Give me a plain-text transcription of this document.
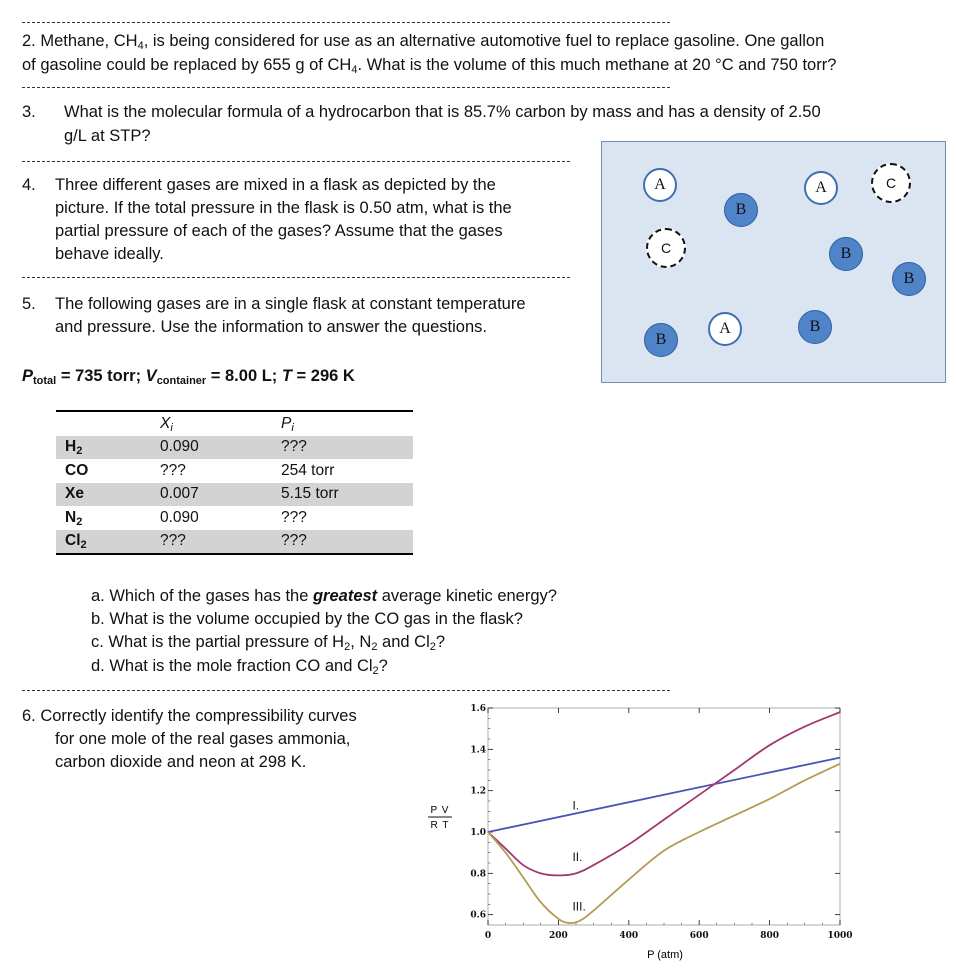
2. Methane, $CH_4$, is being considered for use as an alternative automotive fuel to replace gasoline. One gallon
of gasoline could be replaced by 655 g of $CH_4$. What is the volume of this much methane at 20 °C and 750 torr?
3. What is the molecular formula of a hydrocarbon that is 85.7% carbon by mass and has a density of 2.50
g/L at STP?
4. Three different gases are mixed in a flask as depicted by the
picture. If the total pressure in the flask is 0.50 atm, what is the
partial pressure of each of the gases? Assume that the gases
behave ideally.
A	A
A
B
B
B
B
B
C
C
5. The following gases are in a single flask at constant temperature
and pressure. Use the information to answer the questions.
$P_{total} = 735$ torr; $V_{container} = 8.00$ L; T = 296 K
	$X_i$	$P_i$
$H_2$	0.090	???
CO	???	254 torr
Xe	0.007	5.15 torr
$N_2$	0.090	???
$Cl_2$	???	???
a. Which of the gases has the greatest average kinetic energy?
b. What is the volume occupied by the CO gas in the flask?
c. What is the partial pressure of $H_2$, $N_2$ and $Cl_2$?
d. What is the mole fraction CO and $Cl_2$?
6. Correctly identify the compressibility curves
for one mole of the real gases ammonia,
carbon dioxide and neon at 298 K.
0.6
0.8
1.0
1.2
1.4
1.6
0	200	400	600	800	1000
I.
II.
III.
P V
R T
P (atm)
